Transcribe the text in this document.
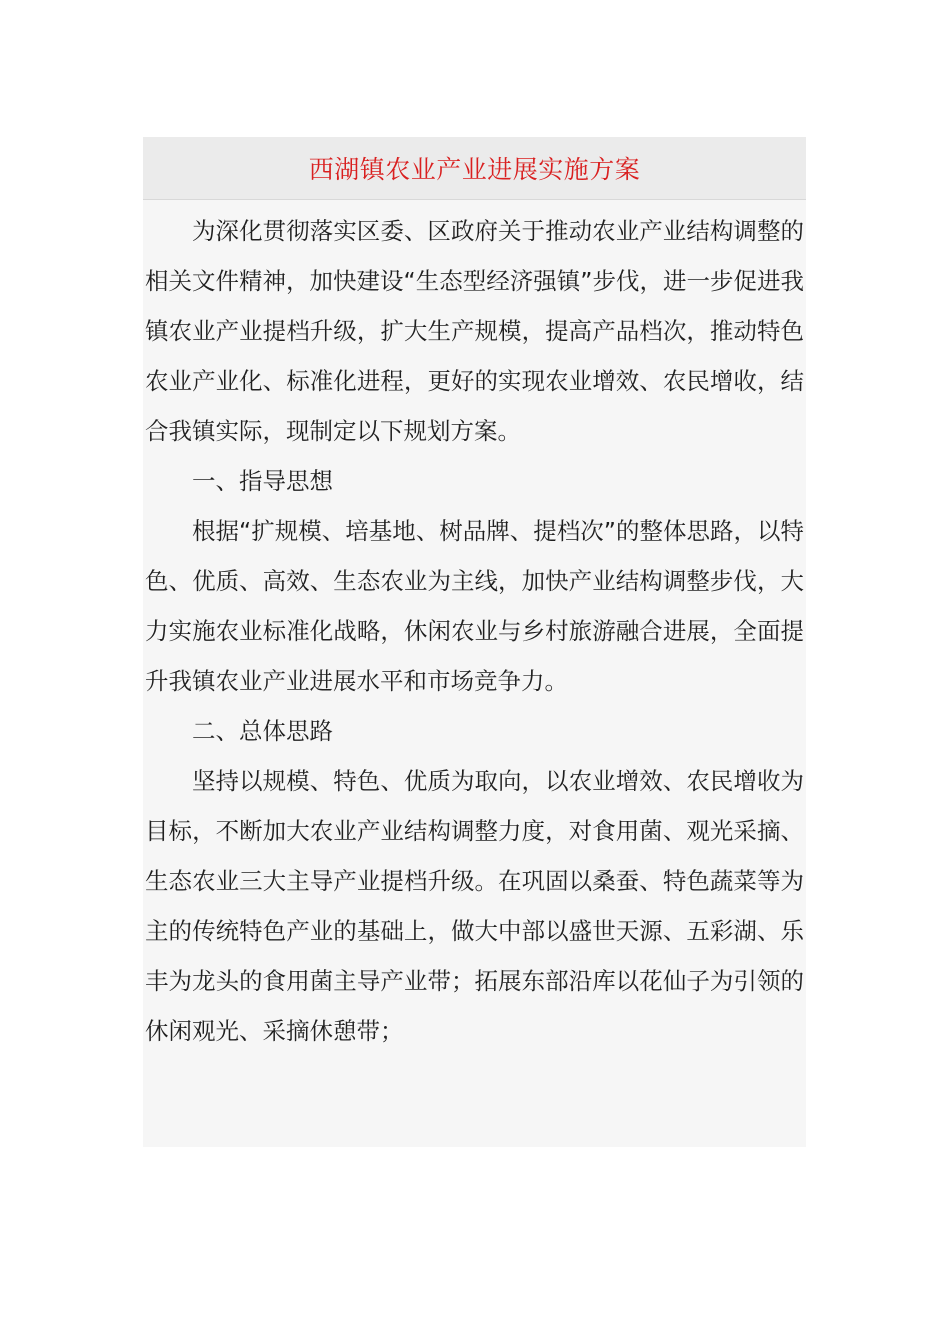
西湖镇农业产业进展实施方案

为深化贯彻落实区委、区政府关于推动农业产业结构调整的相关文件精神，加快建设“生态型经济强镇”步伐，进一步促进我镇农业产业提档升级，扩大生产规模，提高产品档次，推动特色农业产业化、标准化进程，更好的实现农业增效、农民增收，结合我镇实际，现制定以下规划方案。

一、指导思想

根据“扩规模、培基地、树品牌、提档次”的整体思路，以特色、优质、高效、生态农业为主线，加快产业结构调整步伐，大力实施农业标准化战略，休闲农业与乡村旅游融合进展，全面提升我镇农业产业进展水平和市场竞争力。

二、总体思路

坚持以规模、特色、优质为取向，以农业增效、农民增收为目标，不断加大农业产业结构调整力度，对食用菌、观光采摘、生态农业三大主导产业提档升级。在巩固以桑蚕、特色蔬菜等为主的传统特色产业的基础上，做大中部以盛世天源、五彩湖、乐丰为龙头的食用菌主导产业带；拓展东部沿库以花仙子为引领的休闲观光、采摘休憩带；
